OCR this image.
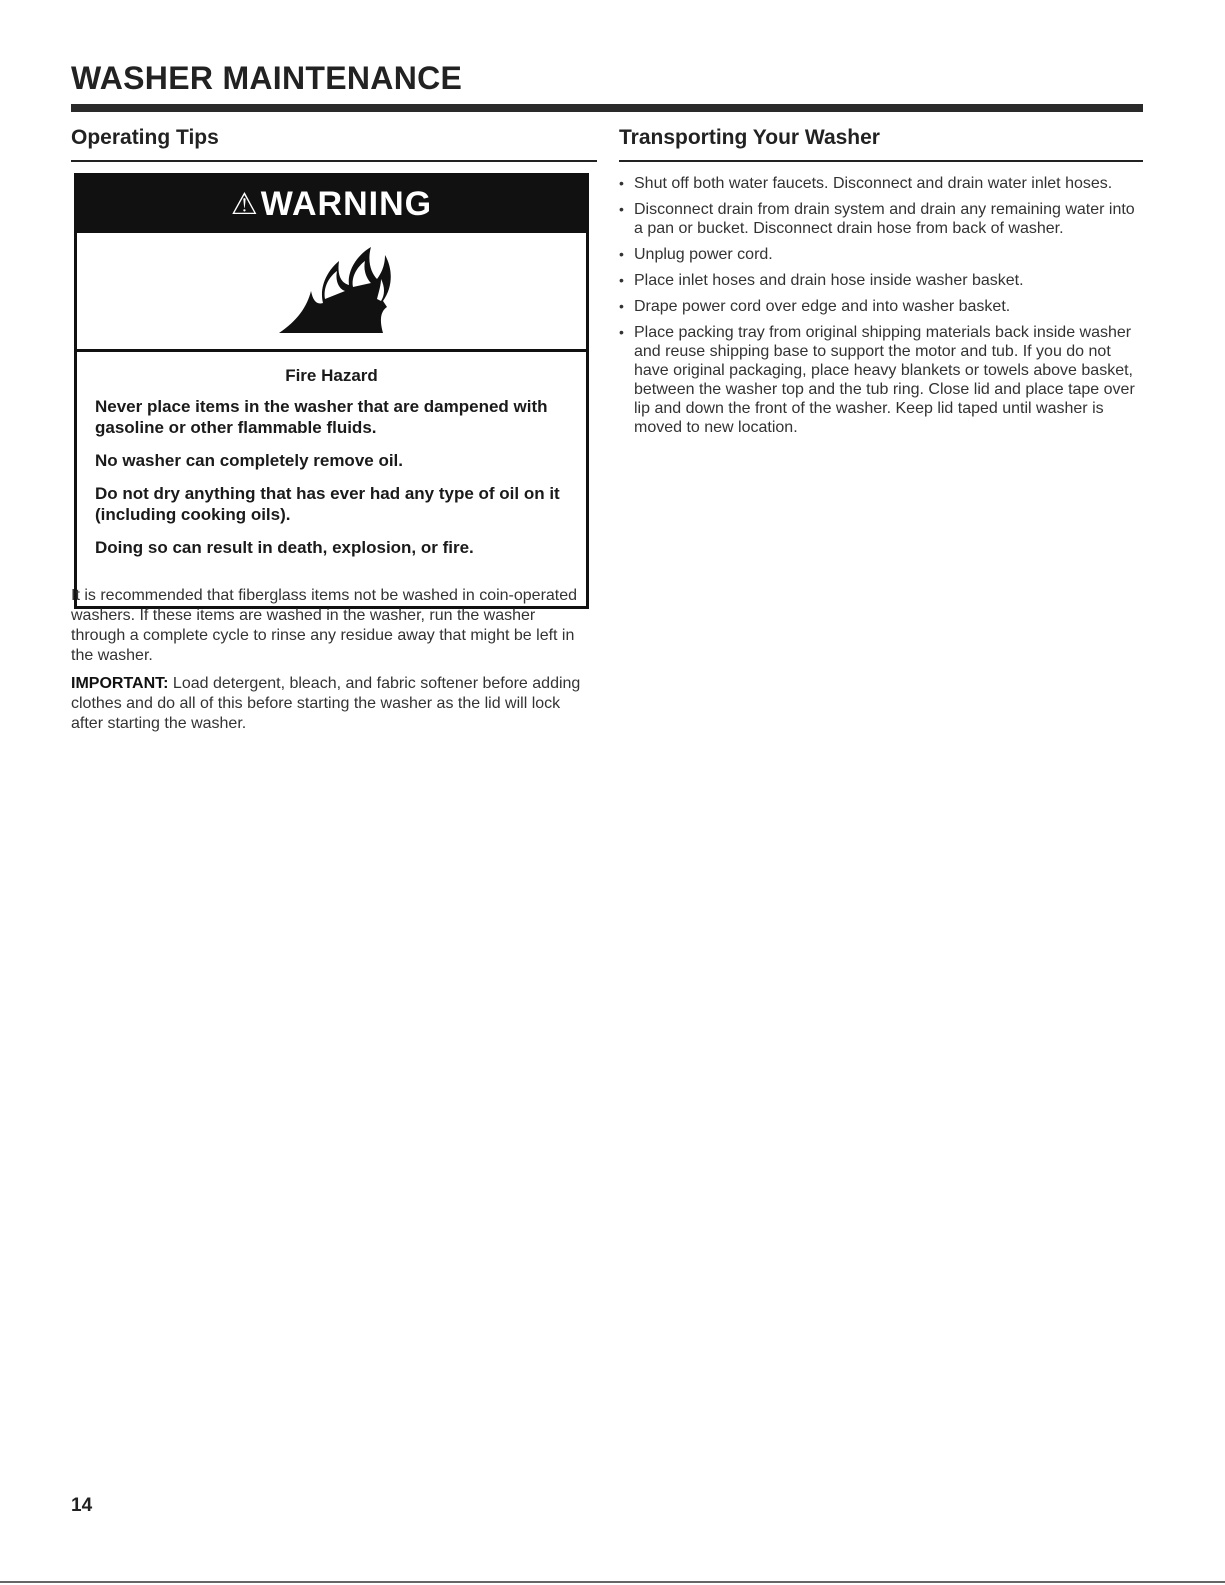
WASHER MAINTENANCE
Operating Tips
⚠ WARNING
Fire Hazard

Never place items in the washer that are dampened with gasoline or other flammable fluids.

No washer can completely remove oil.

Do not dry anything that has ever had any type of oil on it (including cooking oils).

Doing so can result in death, explosion, or fire.

It is recommended that fiberglass items not be washed in coin-operated washers. If these items are washed in the washer, run the washer through a complete cycle to rinse any residue away that might be left in the washer.

IMPORTANT: Load detergent, bleach, and fabric softener before adding clothes and do all of this before starting the washer as the lid will lock after starting the washer.

Transporting Your Washer
• Shut off both water faucets. Disconnect and drain water inlet hoses.
• Disconnect drain from drain system and drain any remaining water into a pan or bucket. Disconnect drain hose from back of washer.
• Unplug power cord.
• Place inlet hoses and drain hose inside washer basket.
• Drape power cord over edge and into washer basket.
• Place packing tray from original shipping materials back inside washer and reuse shipping base to support the motor and tub. If you do not have original packaging, place heavy blankets or towels above basket, between the washer top and the tub ring. Close lid and place tape over lip and down the front of the washer. Keep lid taped until washer is moved to new location.
14
